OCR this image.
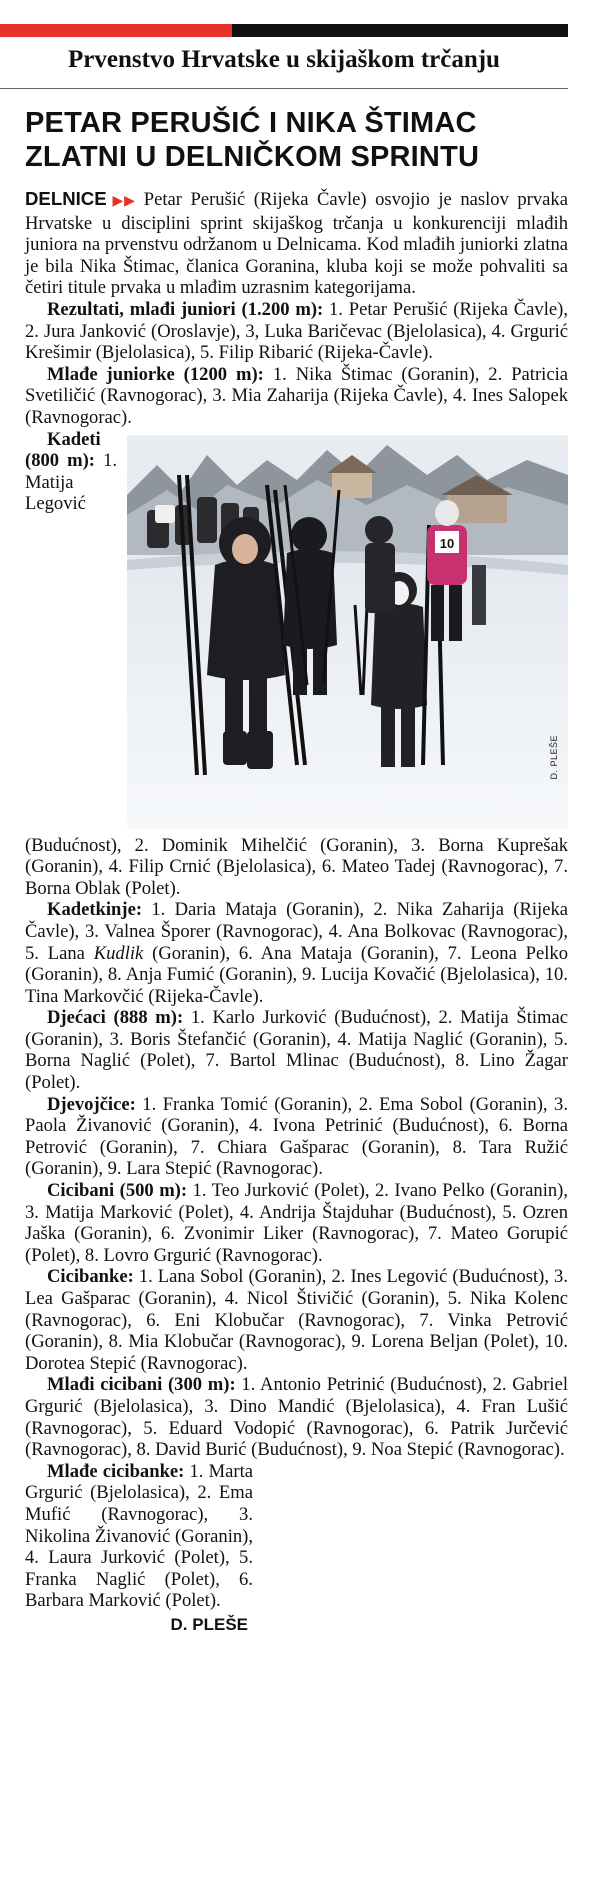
Prvenstvo Hrvatske u skijaškom trčanju
PETAR PERUŠIĆ I NIKA ŠTIMAC
ZLATNI U DELNIČKOM SPRINTU

DELNICE ▶▶ Petar Perušić (Rijeka Čavle) osvojio je naslov prvaka Hrvatske u disciplini sprint skijaškog trčanja u konkurenciji mlađih juniora na prvenstvu održanom u Delnicama. Kod mlađih juniorki zlatna je bila Nika Štimac, članica Goranina, kluba koji se može pohvaliti sa četiri titule prvaka u mlađim uzrasnim kategorijama.

Rezultati, mlađi juniori (1.200 m): 1. Petar Perušić (Rijeka Čavle), 2. Jura Janković (Oroslavje), 3, Luka Baričevac (Bjelolasica), 4. Grgurić Krešimir (Bjelolasica), 5. Filip Ribarić (Rijeka-Čavle).

Mlađe juniorke (1200 m): 1. Nika Štimac (Goranin), 2. Patricia Svetiličić (Ravnogorac), 3. Mia Zaharija (Rijeka Čavle), 4. Ines Salopek (Ravnogorac).

10
D. PLEŠE

Kadeti (800 m): 1. Matija Legović (Budućnost), 2. Dominik Mihelčić (Goranin), 3. Borna Kuprešak (Goranin), 4. Filip Crnić (Bjelolasica), 6. Mateo Tadej (Ravnogorac), 7. Borna Oblak (Polet).

Kadetkinje: 1. Daria Mataja (Goranin), 2. Nika Zaharija (Rijeka Čavle), 3. Valnea Šporer (Ravnogorac), 4. Ana Bolkovac (Ravnogorac), 5. Lana Kudlik (Goranin), 6. Ana Mataja (Goranin), 7. Leona Pelko (Goranin), 8. Anja Fumić (Goranin), 9. Lucija Kovačić (Bjelolasica), 10. Tina Markovčić (Rijeka-Čavle).

Djećaci (888 m): 1. Karlo Jurković (Budućnost), 2. Matija Štimac (Goranin), 3. Boris Štefančić (Goranin), 4. Matija Naglić (Goranin), 5. Borna Naglić (Polet), 7. Bartol Mlinac (Budućnost), 8. Lino Žagar (Polet).

Djevojčice: 1. Franka Tomić (Goranin), 2. Ema Sobol (Goranin), 3. Paola Živanović (Goranin), 4. Ivona Petrinić (Budućnost), 6. Borna Petrović (Goranin), 7. Chiara Gašparac (Goranin), 8. Tara Ružić (Goranin), 9. Lara Stepić (Ravnogorac).

Cicibani (500 m): 1. Teo Jurković (Polet), 2. Ivano Pelko (Goranin), 3. Matija Marković (Polet), 4. Andrija Štajduhar (Budućnost), 5. Ozren Jaška (Goranin), 6. Zvonimir Liker (Ravnogorac), 7. Mateo Gorupić (Polet), 8. Lovro Grgurić (Ravnogorac).

Cicibanke: 1. Lana Sobol (Goranin), 2. Ines Legović (Budućnost), 3. Lea Gašparac (Goranin), 4. Nicol Štivičić (Goranin), 5. Nika Kolenc (Ravnogorac), 6. Eni Klobučar (Ravnogorac), 7. Vinka Petrović (Goranin), 8. Mia Klobučar (Ravnogorac), 9. Lorena Beljan (Polet), 10. Dorotea Stepić (Ravnogorac).

Mlađi cicibani (300 m): 1. Antonio Petrinić (Budućnost), 2. Gabriel Grgurić (Bjelolasica), 3. Dino Mandić (Bjelolasica), 4. Fran Lušić (Ravnogorac), 5. Eduard Vodopić (Ravnogorac), 6. Patrik Jurčević (Ravnogorac), 8. David Burić (Budućnost), 9. Noa Stepić (Ravnogorac).

Mlađe cicibanke: 1. Marta Grgurić (Bjelolasica), 2. Ema Mufić (Ravnogorac), 3. Nikolina Živanović (Goranin), 4. Laura Jurković (Polet), 5. Franka Naglić (Polet), 6. Barbara Marković (Polet).

D. PLEŠE
